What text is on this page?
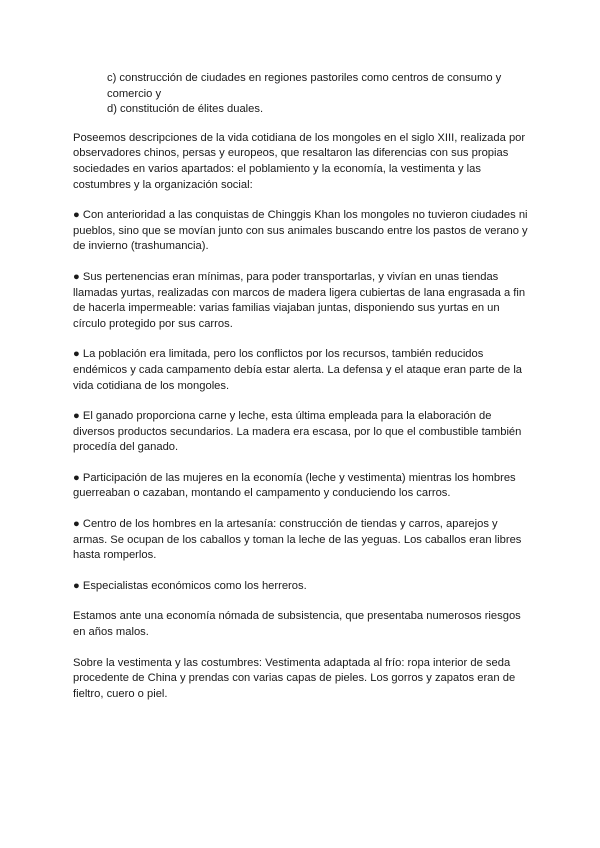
c) construcción de ciudades en regiones pastoriles como centros de consumo y comercio y

d) constitución de élites duales.

Poseemos descripciones de la vida cotidiana de los mongoles en el siglo XIII, realizada por observadores chinos, persas y europeos, que resaltaron las diferencias con sus propias sociedades en varios apartados: el poblamiento y la economía, la vestimenta y las costumbres y la organización social:

● Con anterioridad a las conquistas de Chinggis Khan los mongoles no tuvieron ciudades ni pueblos, sino que se movían junto con sus animales buscando entre los pastos de verano y de invierno (trashumancia).

● Sus pertenencias eran mínimas, para poder transportarlas, y vivían en unas tiendas llamadas yurtas, realizadas con marcos de madera ligera cubiertas de lana engrasada a fin de hacerla impermeable: varias familias viajaban juntas, disponiendo sus yurtas en un círculo protegido por sus carros.

● La población era limitada, pero los conflictos por los recursos, también reducidos endémicos y cada campamento debía estar alerta. La defensa y el ataque eran parte de la vida cotidiana de los mongoles.

● El ganado proporciona carne y leche, esta última empleada para la elaboración de diversos productos secundarios. La madera era escasa, por lo que el combustible también procedía del ganado.

● Participación de las mujeres en la economía (leche y vestimenta) mientras los hombres guerreaban o cazaban, montando el campamento y conduciendo los carros.

● Centro de los hombres en la artesanía: construcción de tiendas y carros, aparejos y armas. Se ocupan de los caballos y toman la leche de las yeguas. Los caballos eran libres hasta romperlos.

● Especialistas económicos como los herreros.

Estamos ante una economía nómada de subsistencia, que presentaba numerosos riesgos en años malos.

Sobre la vestimenta y las costumbres: Vestimenta adaptada al frío: ropa interior de seda procedente de China y prendas con varias capas de pieles. Los gorros y zapatos eran de fieltro, cuero o piel.
